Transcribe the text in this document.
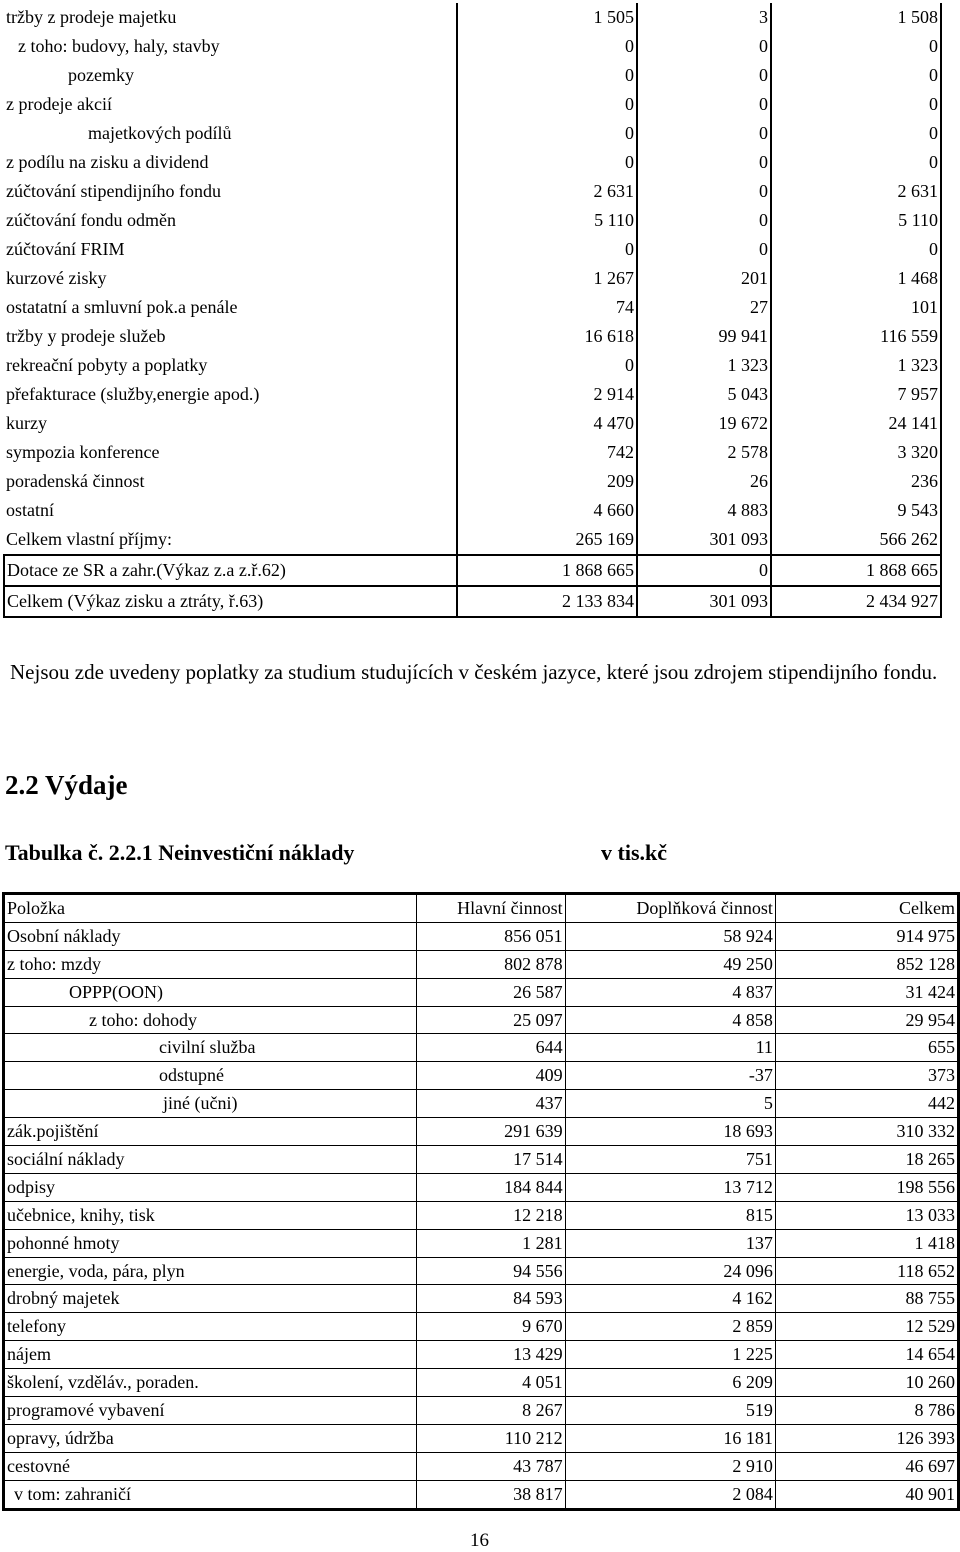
tržby z prodeje majetku	1 505	3	1 508
z toho: budovy, haly, stavby	0	0	0
pozemky	0	0	0
z prodeje akcií	0	0	0
majetkových podílů	0	0	0
z podílu na zisku a dividend	0	0	0
zúčtování stipendijního fondu	2 631	0	2 631
zúčtování fondu odměn	5 110	0	5 110
zúčtování FRIM	0	0	0
kurzové zisky	1 267	201	1 468
ostatatní a smluvní pok.a penále	74	27	101
tržby y prodeje služeb	16 618	99 941	116 559
rekreační pobyty a poplatky	0	1 323	1 323
přefakturace (služby,energie apod.)	2 914	5 043	7 957
kurzy	4 470	19 672	24 141
sympozia konference	742	2 578	3 320
poradenská činnost	209	26	236
ostatní	4 660	4 883	9 543
Celkem vlastní příjmy:	265 169	301 093	566 262
Dotace ze SR a zahr.(Výkaz z.a z.ř.62)	1 868 665	0	1 868 665
Celkem (Výkaz zisku a ztráty, ř.63)	2 133 834	301 093	2 434 927

Nejsou zde uvedeny poplatky za studium studujících v českém jazyce, které jsou zdrojem stipendijního fondu.

2.2 Výdaje
Tabulka č. 2.2.1 Neinvestiční náklady	v tis.kč
Položka	Hlavní činnost	Doplňková činnost	Celkem
Osobní náklady	856 051	58 924	914 975
z toho: mzdy	802 878	49 250	852 128
OPPP(OON)	26 587	4 837	31 424
z toho: dohody	25 097	4 858	29 954
civilní služba	644	11	655
odstupné	409	-37	373
jiné (učni)	437	5	442
zák.pojištění	291 639	18 693	310 332
sociální náklady	17 514	751	18 265
odpisy	184 844	13 712	198 556
učebnice, knihy, tisk	12 218	815	13 033
pohonné hmoty	1 281	137	1 418
energie, voda, pára, plyn	94 556	24 096	118 652
drobný majetek	84 593	4 162	88 755
telefony	9 670	2 859	12 529
nájem	13 429	1 225	14 654
školení, vzděláv., poraden.	4 051	6 209	10 260
programové vybavení	8 267	519	8 786
opravy, údržba	110 212	16 181	126 393
cestovné	43 787	2 910	46 697
v tom: zahraničí	38 817	2 084	40 901
16
